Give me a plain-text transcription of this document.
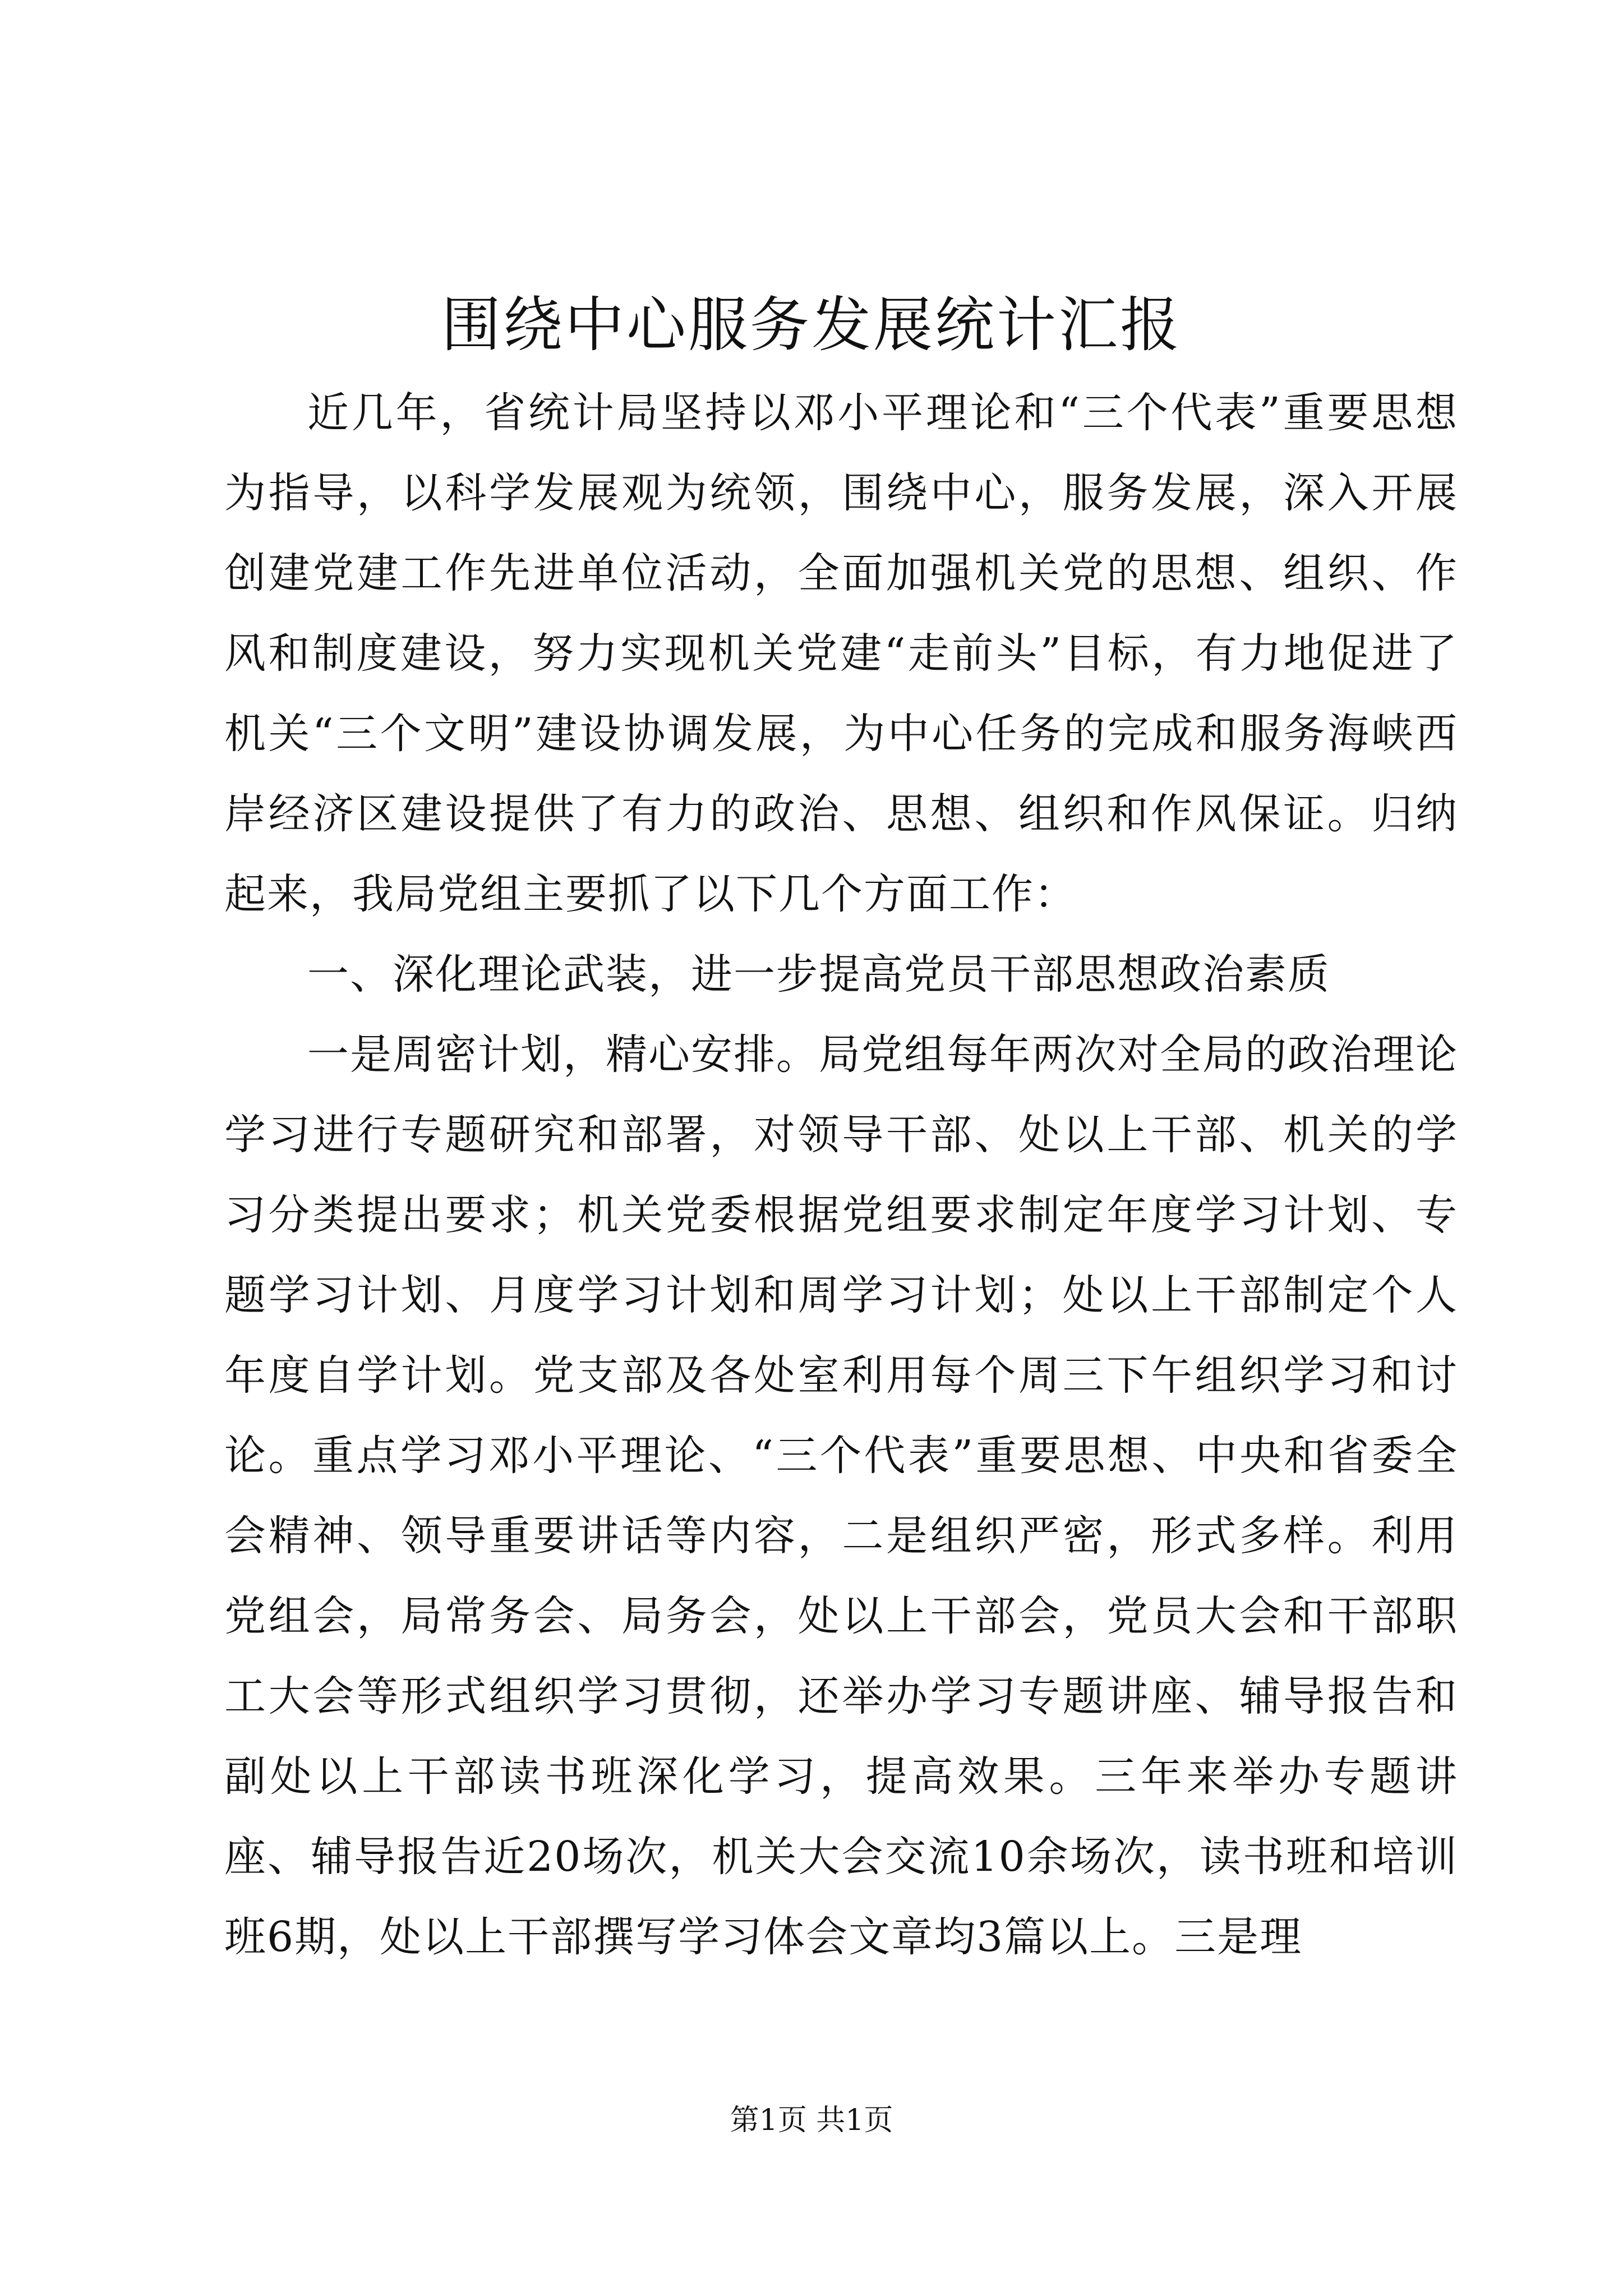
围绕中心服务发展统计汇报

近几年，省统计局坚持以邓小平理论和“三个代表”重要思想为指导，以科学发展观为统领，围绕中心，服务发展，深入开展创建党建工作先进单位活动，全面加强机关党的思想、组织、作风和制度建设，努力实现机关党建“走前头”目标，有力地促进了机关“三个文明”建设协调发展，为中心任务的完成和服务海峡西岸经济区建设提供了有力的政治、思想、组织和作风保证。归纳起来，我局党组主要抓了以下几个方面工作：

一、深化理论武装，进一步提高党员干部思想政治素质

一是周密计划，精心安排。局党组每年两次对全局的政治理论学习进行专题研究和部署，对领导干部、处以上干部、机关的学习分类提出要求；机关党委根据党组要求制定年度学习计划、专题学习计划、月度学习计划和周学习计划；处以上干部制定个人年度自学计划。党支部及各处室利用每个周三下午组织学习和讨论。重点学习邓小平理论、“三个代表”重要思想、中央和省委全会精神、领导重要讲话等内容，二是组织严密，形式多样。利用党组会，局常务会、局务会，处以上干部会，党员大会和干部职工大会等形式组织学习贯彻，还举办学习专题讲座、辅导报告和副处以上干部读书班深化学习，提高效果。三年来举办专题讲座、辅导报告近20场次，机关大会交流10余场次，读书班和培训班6期，处以上干部撰写学习体会文章均3篇以上。三是理

第1页 共1页
